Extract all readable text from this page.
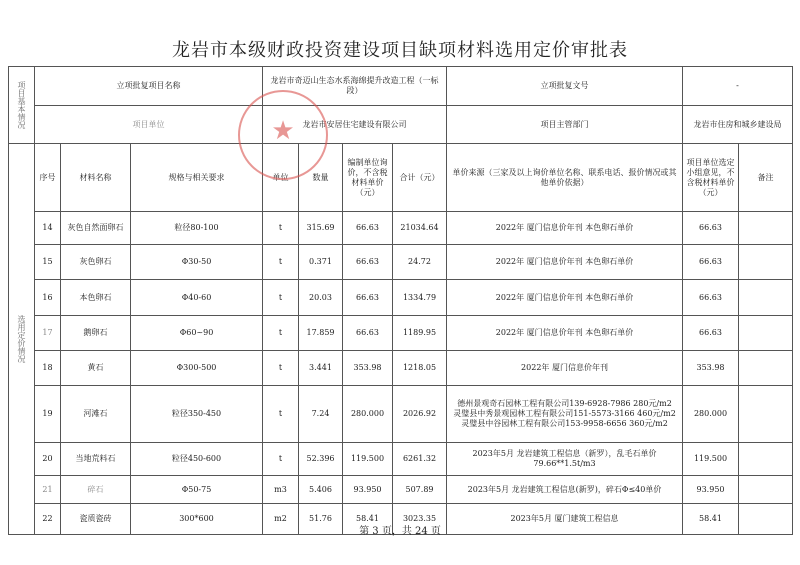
龙岩市本级财政投资建设项目缺项材料选用定价审批表
项目基本情况	立项批复项目名称			龙岩市奇迈山生态水系海绵提升改造工程（一标段）				立项批复文号	-	
	项目单位			龙岩市安居住宅建设有限公司				项目主管部门	龙岩市住房和城乡建设局	

选用定价情况	序号	材料名称	规格与相关要求	单位	数量	编制单位询价，不含税材料单价（元）	合计（元）	单价来源（三家及以上询价单位名称、联系电话、报价情况或其他单价依据）	项目单位选定小组意见，不含税材料单价（元）	备注
	14	灰色自然面卵石	粒径80-100	t	315.69	66.63	21034.64	2022年 厦门信息价年刊 本色卵石单价	66.63	
	15	灰色卵石	Φ30-50	t	0.371	66.63	24.72	2022年 厦门信息价年刊 本色卵石单价	66.63	
	16	本色卵石	Φ40-60	t	20.03	66.63	1334.79	2022年 厦门信息价年刊 本色卵石单价	66.63	
	17	鹅卵石	Φ60~90	t	17.859	66.63	1189.95	2022年 厦门信息价年刊 本色卵石单价	66.63	
	18	黄石	Φ300-500	t	3.441	353.98	1218.05	2022年 厦门信息价年刊	353.98	
	19	河滩石	粒径350-450	t	7.24	280.000	2026.92	德州景观奇石园林工程有限公司139-6928-7986 280元/m2
灵璧县中秀景观园林工程有限公司151-5573-3166 460元/m2
灵璧县中谷园林工程有限公司153-9958-6656 360元/m2	280.000	
	20	当地荒料石	粒径450-600	t	52.396	119.500	6261.32	2023年5月 龙岩建筑工程信息（新罗），乱毛石单价
79.66**1.5t/m3	119.500	
	21	碎石	Φ50-75	m3	5.406	93.950	507.89	2023年5月 龙岩建筑工程信息(新罗)，碎石Φ≤40单价	93.950	
	22	瓷质瓷砖	300*600	m2	51.76	58.41	3023.35	2023年5月 厦门建筑工程信息	58.41	
★
第 3 页，共 24 页
